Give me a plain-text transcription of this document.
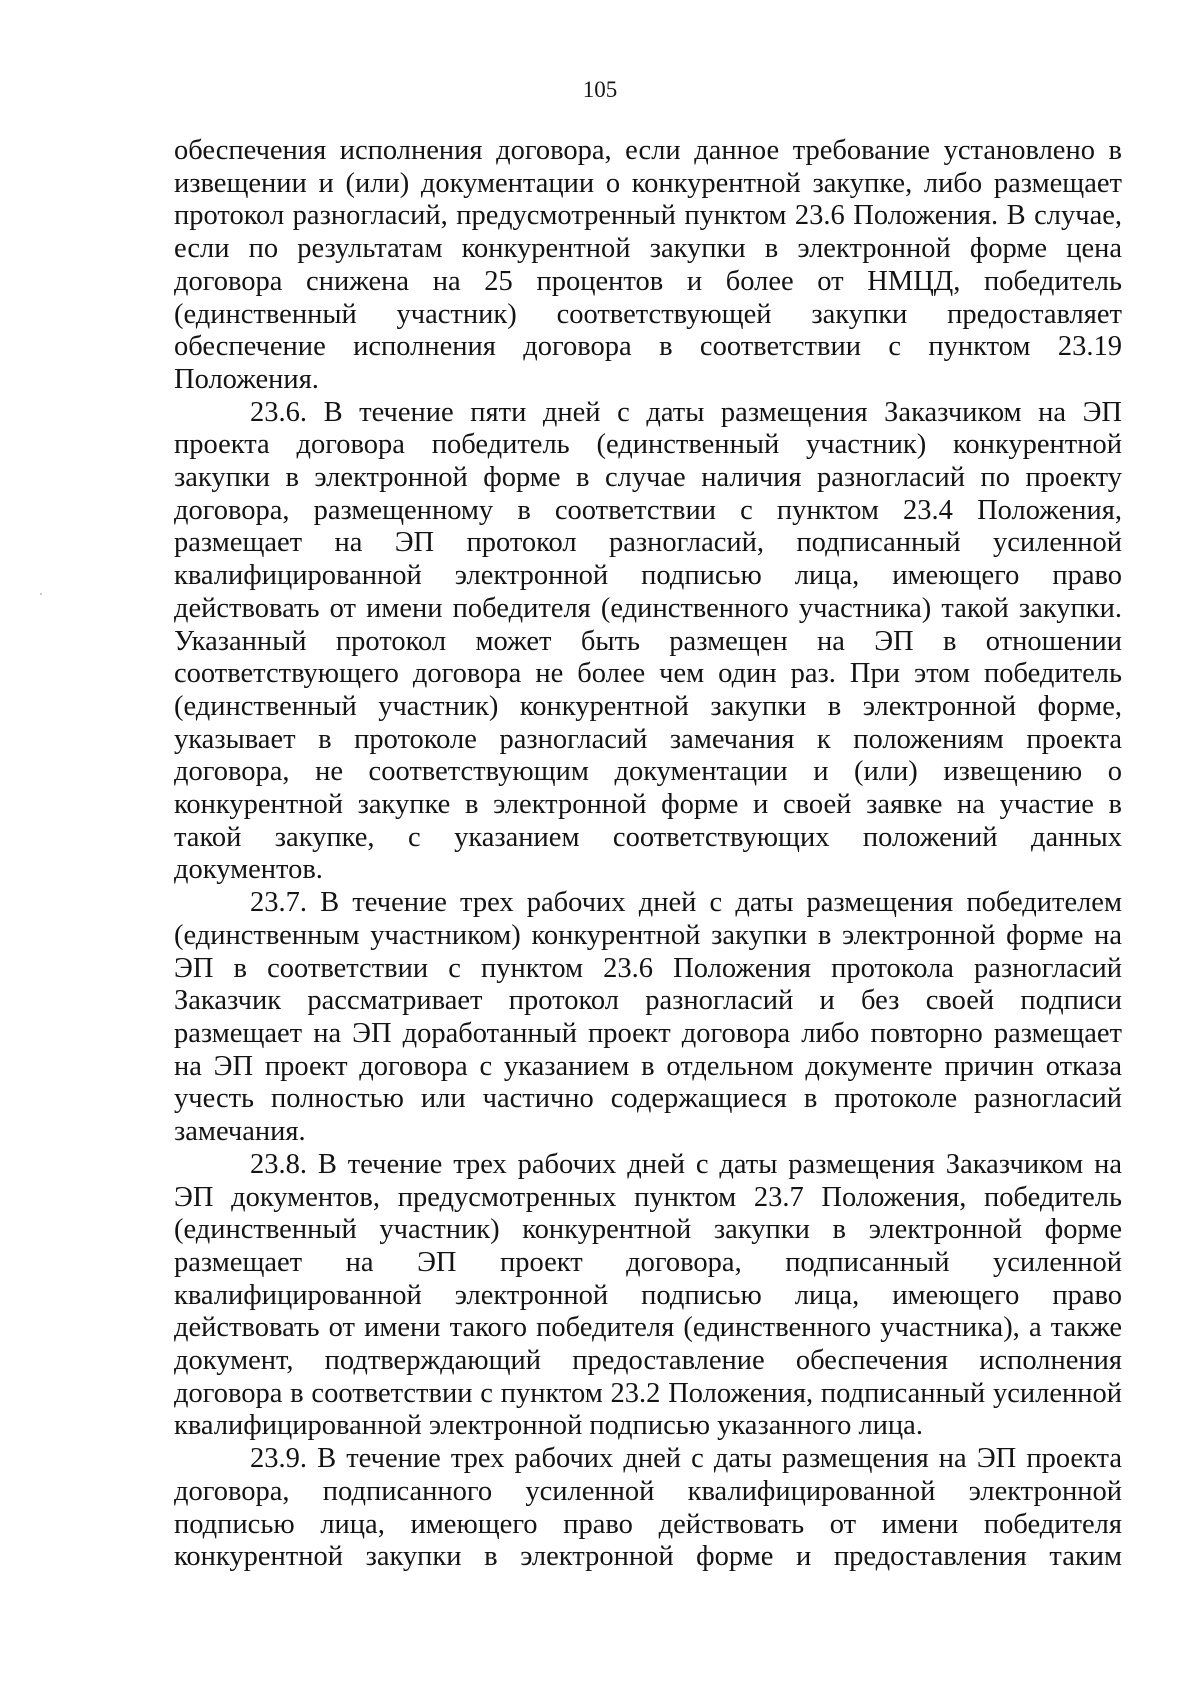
105
обеспечения исполнения договора, если данное требование установлено в
извещении и (или) документации о конкурентной закупке, либо размещает
протокол разногласий, предусмотренный пунктом 23.6 Положения. В случае,
если по результатам конкурентной закупки в электронной форме цена
договора снижена на 25 процентов и более от НМЦД, победитель
(единственный участник) соответствующей закупки предоставляет
обеспечение исполнения договора в соответствии с пунктом 23.19
Положения.
23.6. В течение пяти дней с даты размещения Заказчиком на ЭП
проекта договора победитель (единственный участник) конкурентной
закупки в электронной форме в случае наличия разногласий по проекту
договора, размещенному в соответствии с пунктом 23.4 Положения,
размещает на ЭП протокол разногласий, подписанный усиленной
квалифицированной электронной подписью лица, имеющего право
действовать от имени победителя (единственного участника) такой закупки.
Указанный протокол может быть размещен на ЭП в отношении
соответствующего договора не более чем один раз. При этом победитель
(единственный участник) конкурентной закупки в электронной форме,
указывает в протоколе разногласий замечания к положениям проекта
договора, не соответствующим документации и (или) извещению о
конкурентной закупке в электронной форме и своей заявке на участие в
такой закупке, с указанием соответствующих положений данных
документов.
23.7. В течение трех рабочих дней с даты размещения победителем
(единственным участником) конкурентной закупки в электронной форме на
ЭП в соответствии с пунктом 23.6 Положения протокола разногласий
Заказчик рассматривает протокол разногласий и без своей подписи
размещает на ЭП доработанный проект договора либо повторно размещает
на ЭП проект договора с указанием в отдельном документе причин отказа
учесть полностью или частично содержащиеся в протоколе разногласий
замечания.
23.8. В течение трех рабочих дней с даты размещения Заказчиком на
ЭП документов, предусмотренных пунктом 23.7 Положения, победитель
(единственный участник) конкурентной закупки в электронной форме
размещает на ЭП проект договора, подписанный усиленной
квалифицированной электронной подписью лица, имеющего право
действовать от имени такого победителя (единственного участника), а также
документ, подтверждающий предоставление обеспечения исполнения
договора в соответствии с пунктом 23.2 Положения, подписанный усиленной
квалифицированной электронной подписью указанного лица.
23.9. В течение трех рабочих дней с даты размещения на ЭП проекта
договора, подписанного усиленной квалифицированной электронной
подписью лица, имеющего право действовать от имени победителя
конкурентной закупки в электронной форме и предоставления таким
